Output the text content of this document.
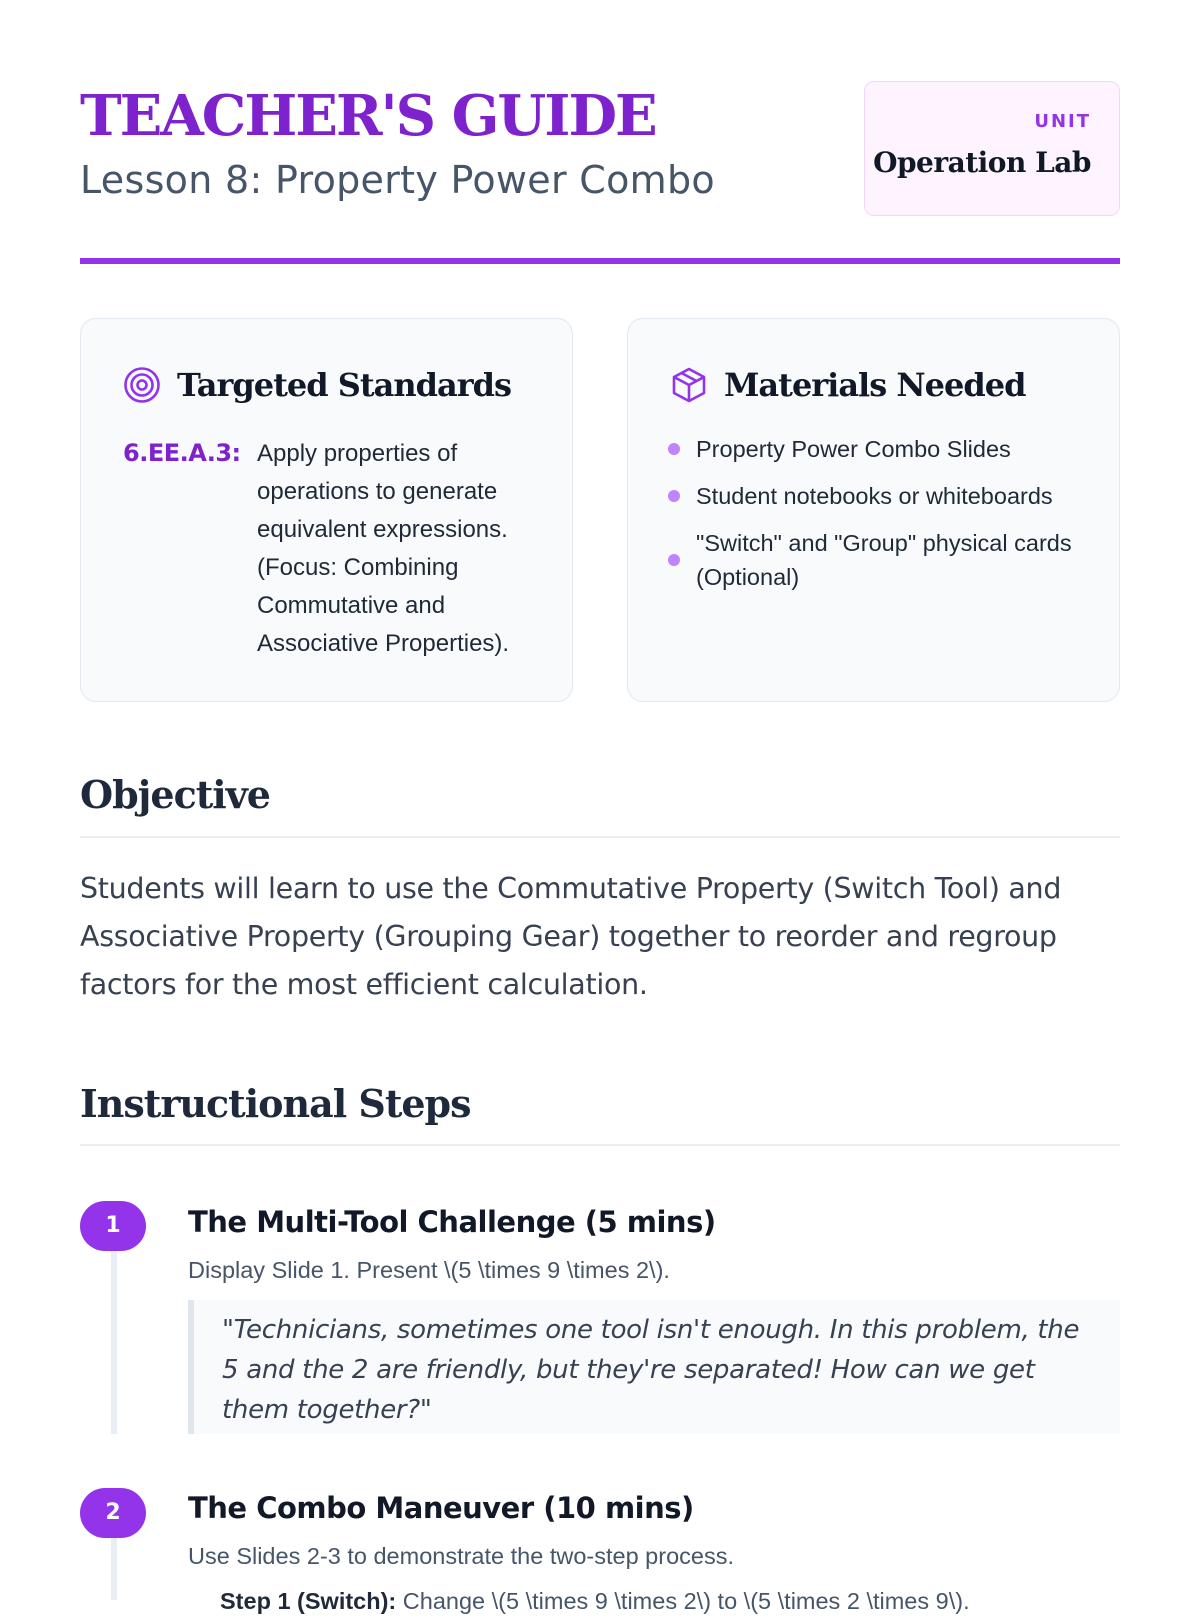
TEACHER'S GUIDE
Lesson 8: Property Power Combo
UNIT
Operation Lab
Targeted Standards
6.EE.A.3: Apply properties of operations to generate equivalent expressions. (Focus: Combining Commutative and Associative Properties).
Materials Needed
Property Power Combo Slides
Student notebooks or whiteboards
"Switch" and "Group" physical cards (Optional)
Objective
Students will learn to use the Commutative Property (Switch Tool) and Associative Property (Grouping Gear) together to reorder and regroup factors for the most efficient calculation.
Instructional Steps
1	The Multi-Tool Challenge (5 mins)
Display Slide 1. Present \(5 \times 9 \times 2\).
"Technicians, sometimes one tool isn't enough. In this problem, the 5 and the 2 are friendly, but they're separated! How can we get them together?"
2	The Combo Maneuver (10 mins)
Use Slides 2-3 to demonstrate the two-step process.
Step 1 (Switch): Change \(5 \times 9 \times 2\) to \(5 \times 2 \times 9\).
